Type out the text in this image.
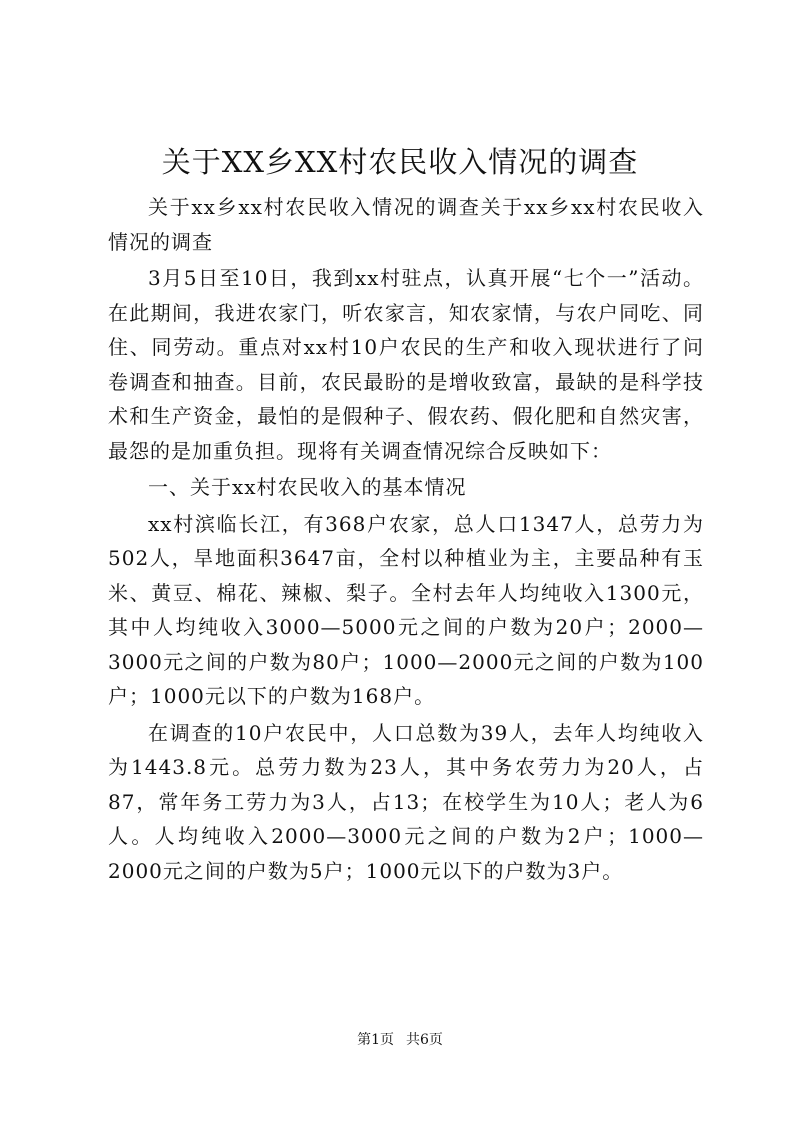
关于XX乡XX村农民收入情况的调查

关于xx乡xx村农民收入情况的调查关于xx乡xx村农民收入情况的调查

3月5日至10日，我到xx村驻点，认真开展“七个一”活动。在此期间，我进农家门，听农家言，知农家情，与农户同吃、同住、同劳动。重点对xx村10户农民的生产和收入现状进行了问卷调查和抽查。目前，农民最盼的是增收致富，最缺的是科学技术和生产资金，最怕的是假种子、假农药、假化肥和自然灾害，最怨的是加重负担。现将有关调查情况综合反映如下：

一、关于xx村农民收入的基本情况

xx村滨临长江，有368户农家，总人口1347人，总劳力为502人，旱地面积3647亩，全村以种植业为主，主要品种有玉米、黄豆、棉花、辣椒、梨子。全村去年人均纯收入1300元，其中人均纯收入3000—5000元之间的户数为20户；2000—3000元之间的户数为80户；1000—2000元之间的户数为100户；1000元以下的户数为168户。

在调查的10户农民中，人口总数为39人，去年人均纯收入为1443.8元。总劳力数为23人，其中务农劳力为20人，占87，常年务工劳力为3人，占13；在校学生为10人；老人为6人。人均纯收入2000—3000元之间的户数为2户；1000—2000元之间的户数为5户；1000元以下的户数为3户。

第1页 共6页
